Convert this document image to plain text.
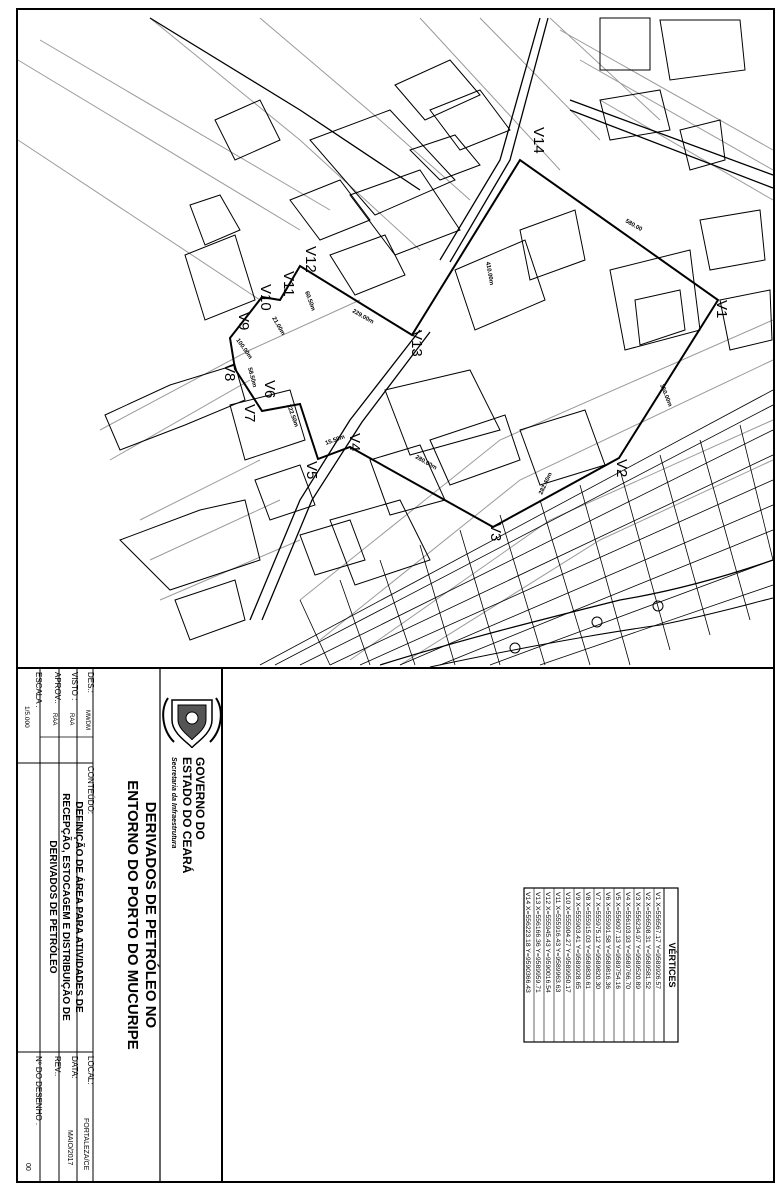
350.00m
282.40m
280.00m
15.50m
122.50m
58.50m
100.00m
21.00m
60.50m
229.00m
410.00m
580.00
V1
V2
V3
V4
V5
V6
V7
V8
V9
V10
V11
V12
V13
V14
VÉRTICES
V1 X=556567.17 Y=9589926.57
V2 X=556508.31 Y=9589581.52
V3 X=556234.97 Y=9589520.89
V4 X=556103.93 Y=9589766.70
V5 X=556097.13 Y=9589754.16
V6 X=555991.58 Y=9589816.36
V7 X=555975.12 Y=9589820.30
V8 X=555915.03 Y=9589830.61
V9 X=555903.41 Y=9589928.65
V10 X=555904.27 Y=9589950.17
V11 X=555916.43 Y=9589963.63
V12 X=555945.43 Y=9590016.54
V13 X=556166.36 Y=9589959.71
V14 X=556223.18 Y=9590366.43
GOVERNO DO
ESTADO DO CEARÁ
Secretaria da Infraestrutura
DERIVADOS DE PETRÓLEO NO
ENTORNO DO PORTO DO MUCURIPE
DES.:
MWDM
VISTO :
RAA
APROV.:
RAA
ESCALA :
1/5.000
CONTEÚDO:
DEFINIÇÃO DE ÁREA PARA ATIVIDADES DE
RECEPÇÃO, ESTOCAGEM E DISTRIBUIÇÃO DE
DERIVADOS DE PETRÓLEO
LOCAL:
FORTALEZA/CE
DATA:
MAIO/2017
REV.:
Nº DO DESENHO :
00
